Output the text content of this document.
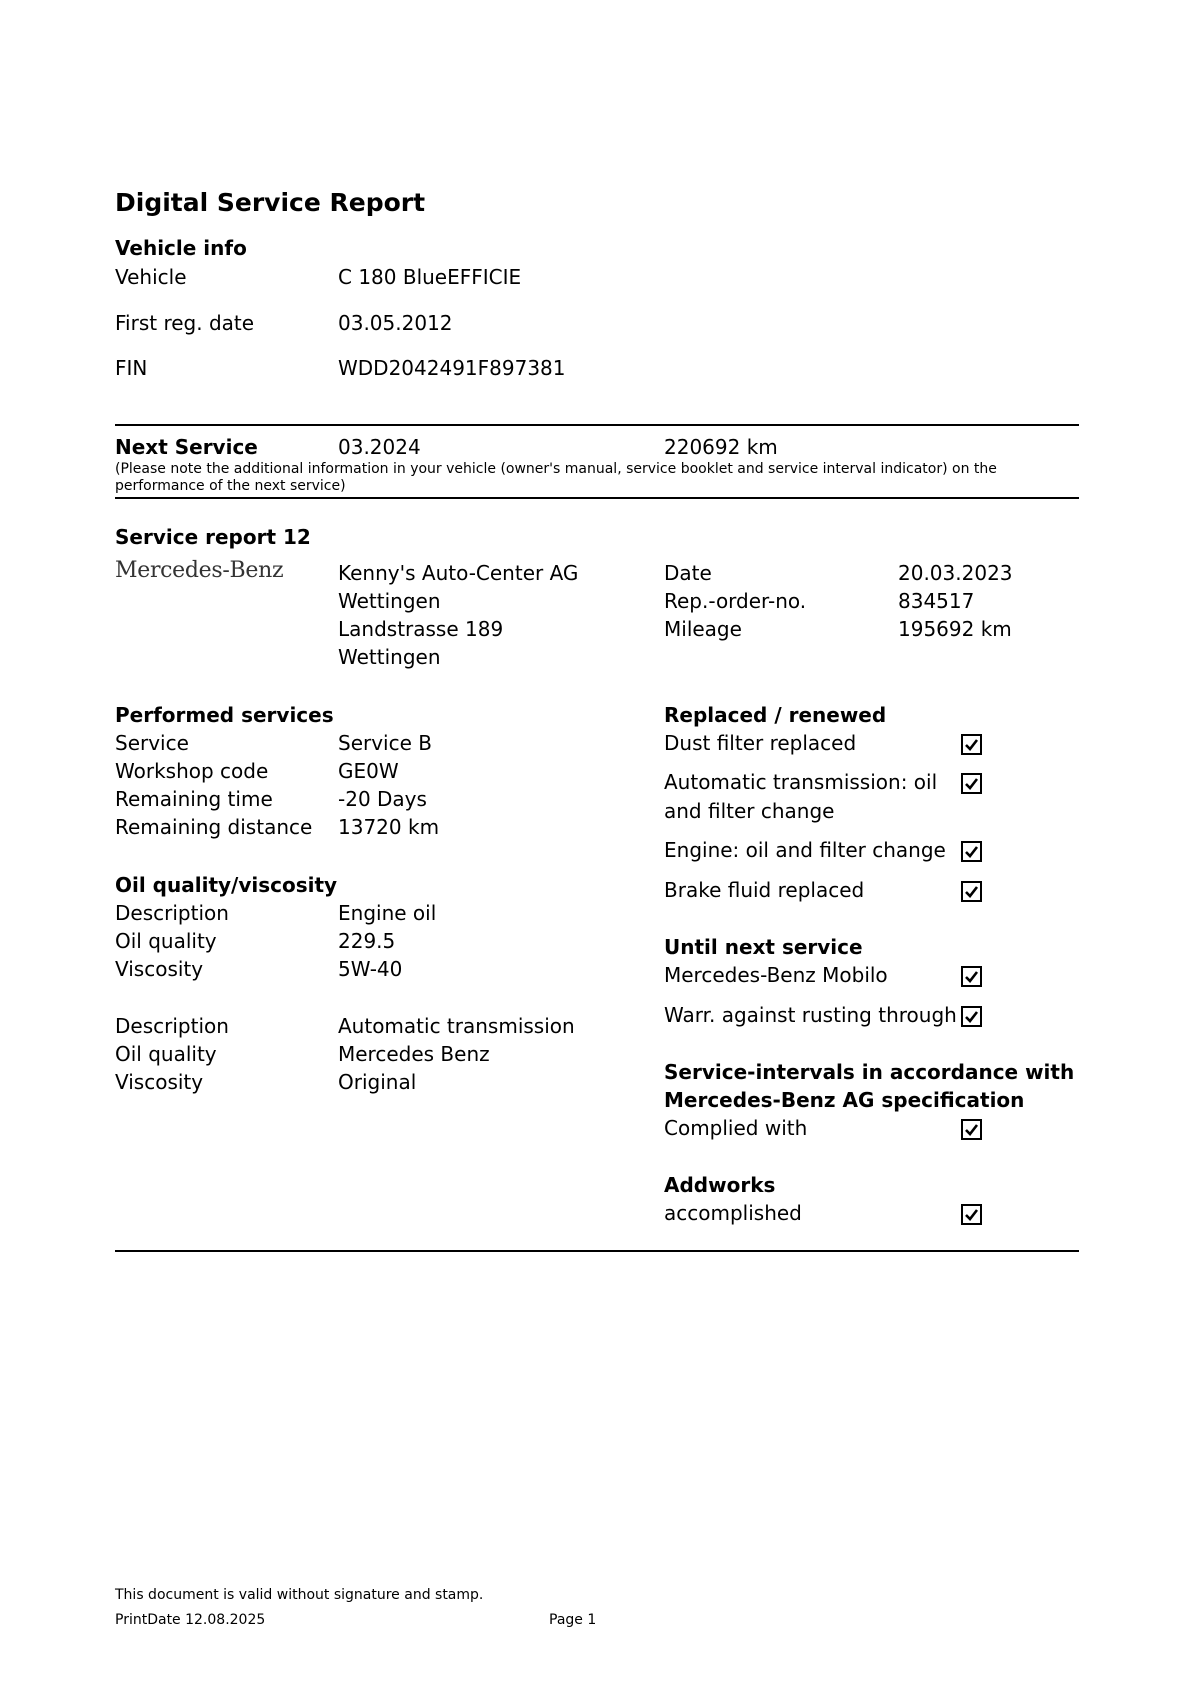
Digital Service Report
Vehicle info
Vehicle	C 180 BlueEFFICIE
First reg. date	03.05.2012
FIN	WDD2042491F897381
Next Service	03.2024	220692 km
(Please note the additional information in your vehicle (owner's manual, service booklet and service interval indicator) on the performance of the next service)
Service report 12
Mercedes-Benz	Kenny's Auto-Center AG
Wettingen
Landstrasse 189
Wettingen
Date	20.03.2023
Rep.-order-no.	834517
Mileage	195692 km
Performed services
Service	Service B
Workshop code	GE0W
Remaining time	-20 Days
Remaining distance 13720 km
Oil quality/viscosity
Description	Engine oil
Oil quality	229.5
Viscosity	5W-40
Description	Automatic transmission
Oil quality	Mercedes Benz
Viscosity	Original
Replaced / renewed
Dust filter replaced
Automatic transmission: oil
and filter change
Engine: oil and filter change
Brake fluid replaced
Until next service
Mercedes-Benz Mobilo
Warr. against rusting through
Service-intervals in accordance with
Mercedes-Benz AG specification
Complied with
Addworks
accomplished
This document is valid without signature and stamp.
PrintDate 12.08.2025	Page 1
